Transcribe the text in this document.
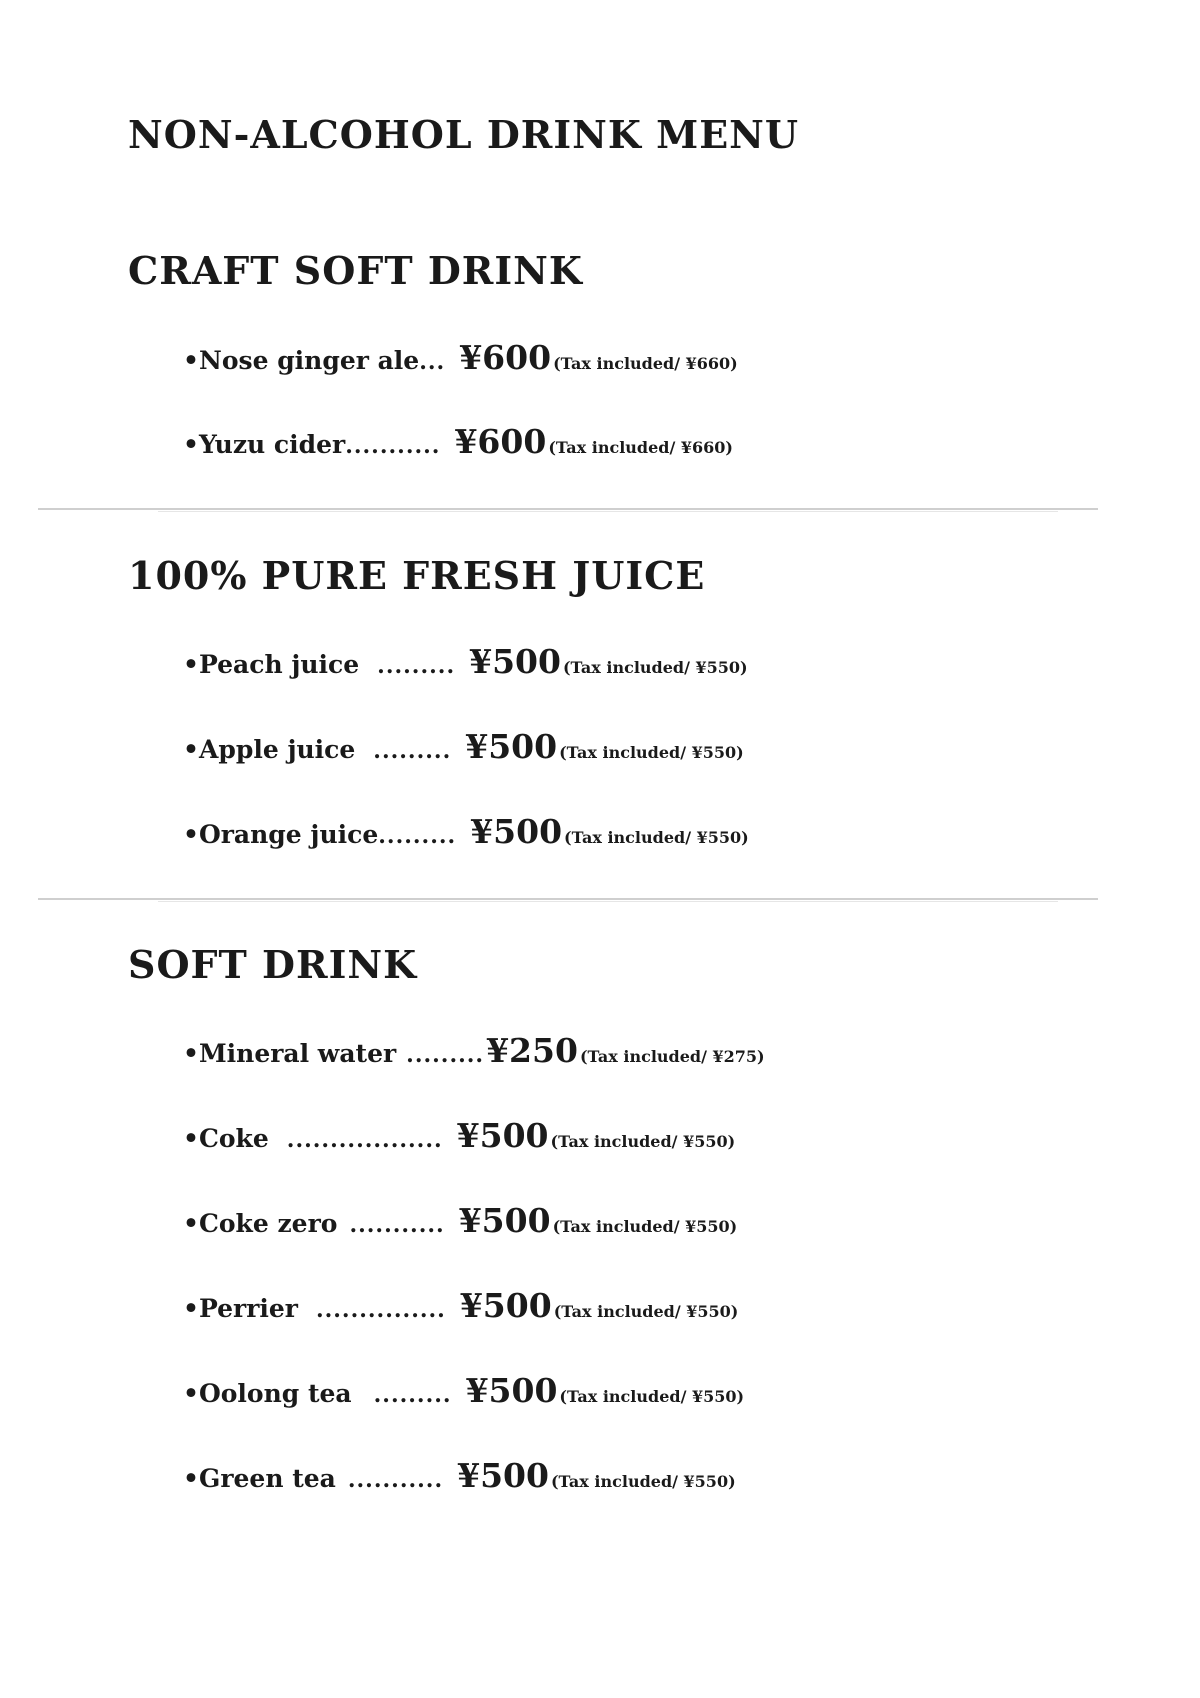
NON-ALCOHOL DRINK MENU
CRAFT SOFT DRINK
• Nose ginger ale ... ¥600 (Tax included/ ¥660)
• Yuzu cider ........... ¥600 (Tax included/ ¥660)
100% PURE FRESH JUICE
• Peach juice ......... ¥500 (Tax included/ ¥550)
• Apple juice ......... ¥500 (Tax included/ ¥550)
• Orange juice ......... ¥500 (Tax included/ ¥550)
SOFT DRINK
• Mineral water ......... ¥250 (Tax included/ ¥275)
• Coke .................. ¥500 (Tax included/ ¥550)
• Coke zero ........... ¥500 (Tax included/ ¥550)
• Perrier ............... ¥500 (Tax included/ ¥550)
• Oolong tea ......... ¥500 (Tax included/ ¥550)
• Green tea ........... ¥500 (Tax included/ ¥550)
